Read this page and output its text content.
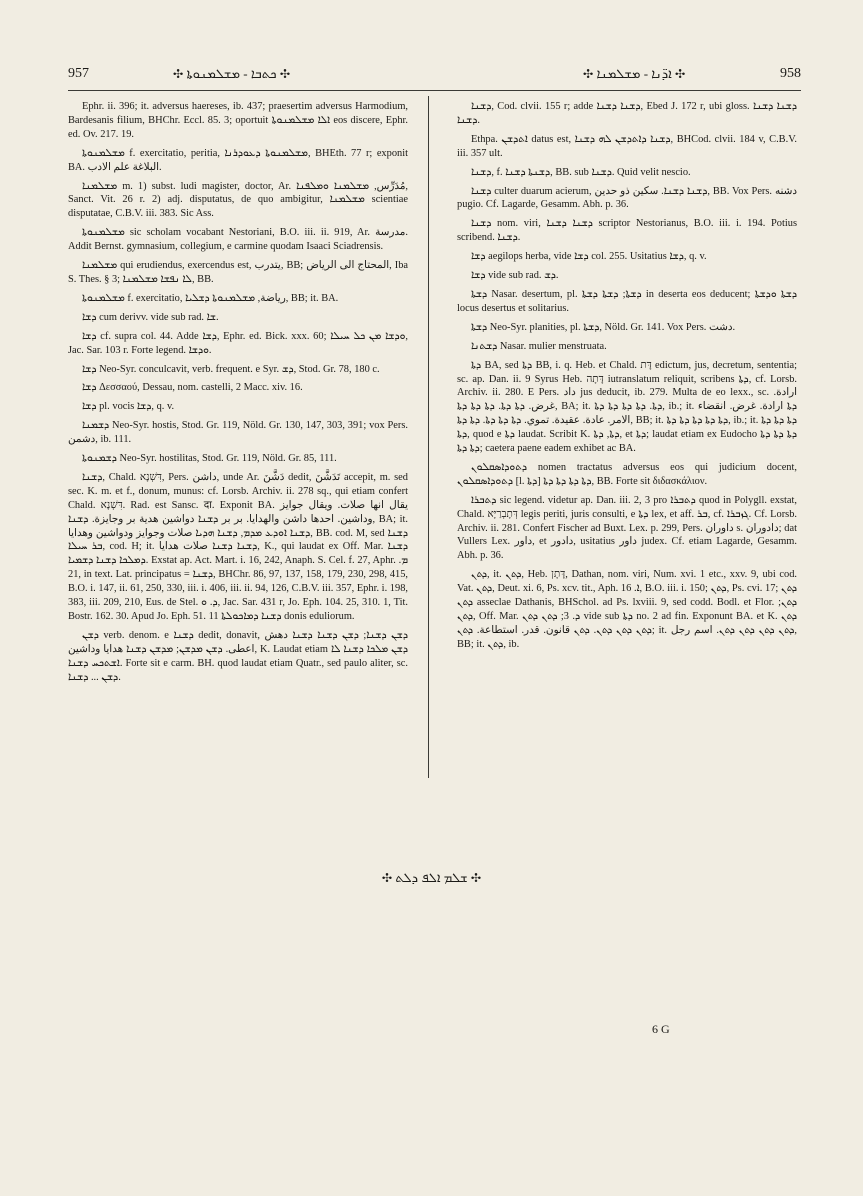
957	✣ ܟܬܒܐ - ܡܫܠܡܢܘܬܐ ✣	✣ ܐܕ̈ܢܐ - ܡܫܠܡܢܐ ✣	958

Ephr. ii. 396; it. adversus haereses, ib. 437; praesertim adversus Harmodium, Bardesanis filium, BHChr. Eccl. 85. 3; oportuit ܐܠܐ ܡܫܠܡܢܘܬܐ eos discere, Ephr. ed. Ov. 217. 19.

ܡܫܠܡܢܘܬܐ f. exercitatio, peritia, ܡܫܠܡܢܘܬܐ ܕܥܘܕܪܢܐ, BHEth. 77 r; exponit BA. البلاغة علم الادب.

ܡܫܠܡܢܐ m. 1) subst. ludi magister, doctor, Ar. مُدَرِّس, ܡܫܠܡܢܐ ܘܡܠܦܢܐ, Sanct. Vit. 26 r. 2) adj. disputatus, de quo ambigitur, ܡܫܠܡܢܐ scientiae disputatae, C.B.V. iii. 383. Sic Ass.

ܡܫܠܡܢܘܬܐ sic scholam vocabant Nestoriani, B.O. iii. ii. 919, Ar. مدرسة. Addit Bernst. gymnasium, collegium, e carmine quodam Isaaci Sciadrensis.

ܡܫܠܡܢܐ qui erudiendus, exercendus est, يتدرب, BB; المحتاج الى الرياض, Iba S. Thes. § 3; ܠܐ ܢܦܫܐ ܡܫܠܡܢܐ, BB.

ܡܫܠܡܢܘܬܐ f. exercitatio, رياضة, ܡܫܠܡܢܘܬܐ ܕܫܠܝܐ, BB; it. BA.

ܕܫܐ cum derivv. vide sub rad. ܫܐ.

ܕܫܐ cf. supra col. 44. Adde ܕܫܐ, Ephr. ed. Bick. xxx. 60; ܘܕܫܐ ܡܢ ܟܠ ܚܝܠܐ, Jac. Sar. 103 r. Forte legend. ܘܕܫܐ.

ܕܫܐ Neo-Syr. conculcavit, verb. frequent. e Syr. ܕܫ, Stod. Gr. 78, 180 c.

ܕܫܐ Δεσσαού, Dessau, nom. castelli, 2 Macc. xiv. 16.

ܕܫܐ pl. vocis ܕܫܐ, q. v.

ܕܫܡܢܐ Neo-Syr. hostis, Stod. Gr. 119, Nöld. Gr. 130, 147, 303, 391; vox Pers. دشمن, ib. 111.

ܕܫܡܢܘܬܐ Neo-Syr. hostilitas, Stod. Gr. 119, Nöld. Gr. 85, 111.

ܕܫܢܐ, Chald. דִּשְׁנָא, Pers. داشن, unde Ar. دَشَّنَ dedit, تَدَشَّنَ accepit, m. sed sec. K. m. et f., donum, munus: cf. Lorsb. Archiv. ii. 278 sq., qui etiam confert Chald. דִּשְׁנָא. Rad. est Sansc. दा. Exponit BA. يقال انها صلات. ويقال جوايز وداشين. احدها داشن والهدايا. بر بر ܕܫܢܐ دواشين هدية بر وجايزة. ܕܫܢܐ, BA; it. ܕܫܢܐ ܐܘܕܥ ܡܕܡ, ܕܫܢܐ ܗܕܝܐ صلات وجوايز ودواشين وهدايا, BB. cod. M, sed ܕܫܢܐ ܒܪ ܚܝܠܐ, cod. H; it. ܕܫܢܐ ܕܫܢܐ صلات هدايا, K., qui laudat ex Off. Mar. ܕܫܢܐ ܕܡܠܟܐ ܕܫܢܐ ܕܫܡܝܐ. Exstat ap. Act. Mart. i. 16, 242, Anaph. S. Cel. f. 27, Aphr. ܡ. 21, in text. Lat. principatus = ܕܫܢܐ, BHChr. 86, 97, 137, 158, 179, 230, 298, 415, B.O. i. 147, ii. 61, 250, 330, iii. i. 406, iii. ii. 94, 126, C.B.V. iii. 357, Ephr. i. 198, 383, iii. 209, 210, Eus. de Stel. ܕ. ܘ, Jac. Sar. 431 r, Jo. Eph. 104. 25, 310. 1, Tit. Bostr. 162. 30. Apud Jo. Eph. 51. 11 ܕܫܢܐ ܕܡܐܟܘܠܬܐ donis eduliorum.

ܕܫܢ verb. denom. e ܕܫܢܐ dedit, donavit, ܕܫܢ ܕܫܢܐ; ܕܫܢ ܕܫܢܐ ܕܫܢܐ دهش اعطى. ܕܫܢ ܡܕܫܢ; ܡܕܫܢ ܕܫܢܐ هدايا وداشين, K. Laudat etiam ܕܫܢ ܡܠܟܐ ܕܫܢܐ ܠܐ ܐܫܬܟܚ ܕܫܢܐ. Forte sit e carm. BH. quod laudat etiam Quatr., sed paulo aliter, sc. ܕܫܢ ... ܕܫܢܐ.

ܕܫܢܐ, Cod. clvii. 155 r; adde ܕܫܢܐ ܕܫܢܐ, Ebed J. 172 r, ubi gloss. ܕܫܢܐ ܕܫܢܐ ܕܫܢܐ.

Ethpa. ܐܬܕܫܢ datus est, ܕܫܢܐ ܕܐܬܕܫܢ ܠܗ ܕܫܢܐ, BHCod. clvii. 184 v, C.B.V. iii. 357 ult.

ܕܫܢܐ, f. ܕܫܢܬܐ ܕܫܢܐ, BB. sub ܕܫܢܐ. Quid velit nescio.

ܕܫܢܐ culter duarum acierum, ܕܫܢܐ ܕܫܢܐ. سكين ذو حدين, BB. Vox Pers. دشنه pugio. Cf. Lagarde, Gesamm. Abh. p. 36.

ܕܫܢܐ nom. viri, ܕܫܢܐ ܕܫܢܐ scriptor Nestorianus, B.O. iii. i. 194. Potius scribend. ܕܫܢܐ.

ܕܫܐ aegilops herba, vide ܕܫܐ col. 255. Usitatius ܕܫܐ, q. v.

ܕܫܐ vide sub rad. ܕܫ.

ܕܫܬܐ Nasar. desertum, pl. ܕܫܬܐ; ܕܫܬܐ ܕܫܬܐ in deserta eos deducent; ܕܫܬܐ ܘܕܫܬܐ locus desertus et solitarius.

ܕܫܬܐ Neo-Syr. planities, pl. ܕܫܬܐ, Nöld. Gr. 141. Vox Pers. دشت.

ܕܫܬܢܐ Nasar. mulier menstruata.

ܕܬܐ BA, sed ܕܬܐ BB, i. q. Heb. et Chald. דָּת edictum, jus, decretum, sententia; sc. ap. Dan. ii. 9 Syrus Heb. דָּתָה iutranslatum reliquit, scribens ܕܬܐ, cf. Lorsb. Archiv. ii. 280. E Pers. داد jus deducit, ib. 279. Multa de eo lexx., sc. ارادة. غرض. ܕܬܐ ܕܬܐ. ܕܬܐ ܕܬܐ ܕܬܐ, BA; it. ܕܬܐ. ܕܬܐ ܕܬܐ ܕܬܐ ܕܬܐ, ib.; it. ܕܬܐ ارادة. غرض. انقضاء الامر. عادة. عقيدة. تموي. ܕܬܐ ܕܬܐ ܕܬܐ. ܕܬܐ ܕܬܐ, BB; it. ܕܬܐ ܕܬܐ ܕܬܐ ܕܬܐ ܕܬܐ, ib.; it. ܕܬܐ ܕܬܐ ܕܬܐ ܕܬܐ, quod e ܕܬܐ laudat. Scribit K. ܕܬܐ, ܕܬܐ, et ܕܬܐ; laudat etiam ex Eudocho ܕܬܐ ܕܬܐ ܕܬܐ ܕܬܐ ܕܬܐ; caetera paene eadem exhibet ac BA.

ܕܬܘܕܐܣܩܠܘܢ nomen tractatus adversus eos qui judicium docent, ܕܬܘܕܐܣܩܠܘܢ [l. ܕܬܐ] ܕܬܐ ܕܬܐ ܕܬܐ ܕܬܐ, BB. Forte sit διδασκάλιον.

ܕܬܒܪܐ sic legend. videtur ap. Dan. iii. 2, 3 pro ܕܬܒܪܐ quod in Polygll. exstat, Chald. דְּתָבְרַיָּא legis periti, juris consulti, e ܕܬܐ lex, et aff. ܒܪ, cf. ܓܙܒܪܐ. Cf. Lorsb. Archiv. ii. 281. Confert Fischer ad Buxt. Lex. p. 299, Pers. داوران s. دادوران; dat Vullers Lex. داور, et دادور, usitatius داور judex. Cf. etiam Lagarde, Gesamm. Abh. p. 36.

ܕܬܢ, it. ܕܬܢ, Heb. דָּתָן, Dathan, nom. viri, Num. xvi. 1 etc., xxv. 9, ubi cod. Vat. ܕܬܢ, Deut. xi. 6, Ps. xcv. tit., Aph. ܐ. 16, B.O. iii. i. 150; ܕܬܢ, Ps. cvi. 17; ܕܬܢ ܕܬܢ asseclae Dathanis, BHSchol. ad Ps. lxviii. 9, sed codd. Bodl. et Flor. ܕܬܢ; ܕܬܢ, Off. Mar. ܕ. 3; ܕܬܢ ܕܬܢ vide sub ܕܬܐ no. 2 ad fin. Exponunt BA. et K. ܕܬܢ ܕܬܢ ܕܬܢ ܕܬܢ. ܕܬܢ قانون. قدر. استطاعة. ܕܬܢ; it. ܕܬܢ ܕܬܢ ܕܬܢ ܕܬܢ. اسم رجل, BB; it. ܕܬܢ, ib.

✣ ܫܠܡ ܐܠܦ ܕܠܬ ✣
6 G
